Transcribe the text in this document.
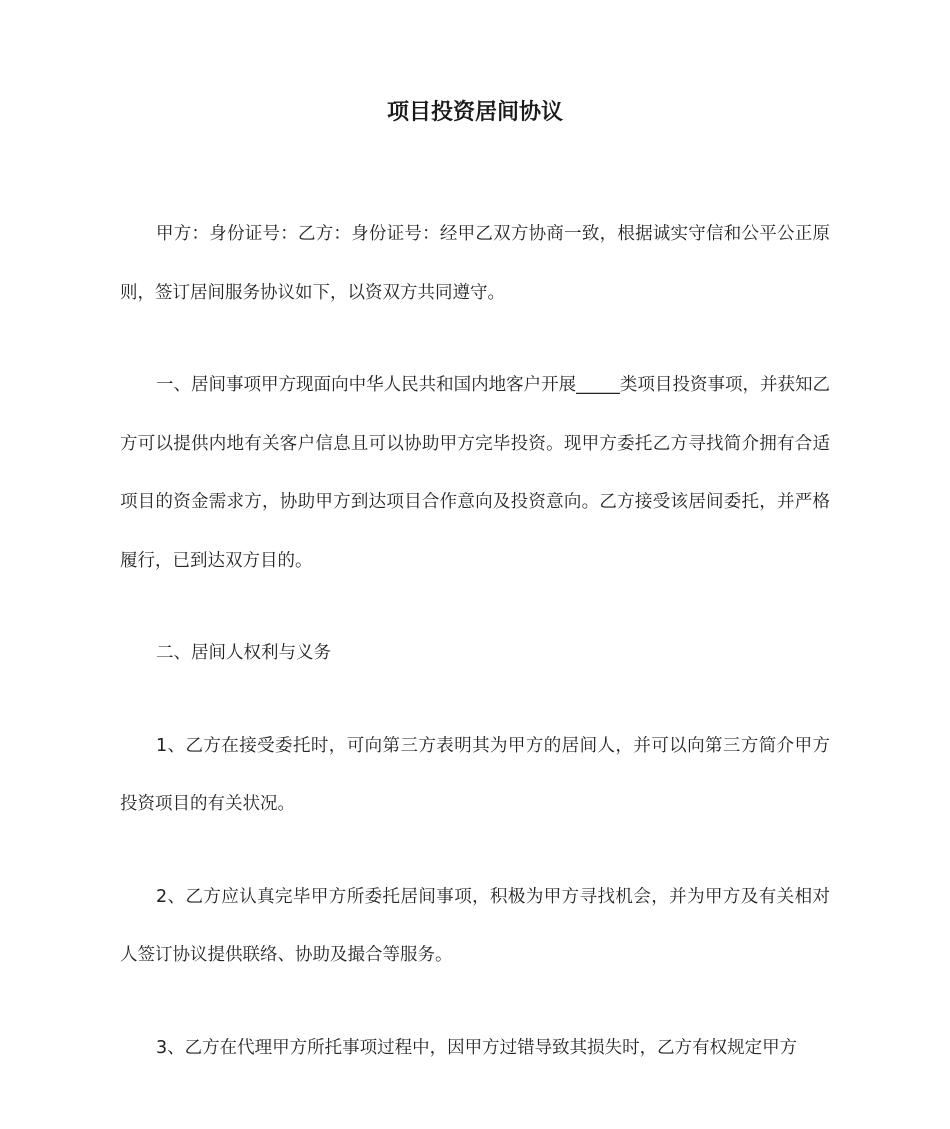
项目投资居间协议

甲方：身份证号：乙方：身份证号：经甲乙双方协商一致，根据诚实守信和公平公正原则，签订居间服务协议如下，以资双方共同遵守。

一、居间事项甲方现面向中华人民共和国内地客户开展_____类项目投资事项，并获知乙方可以提供内地有关客户信息且可以协助甲方完毕投资。现甲方委托乙方寻找简介拥有合适项目的资金需求方，协助甲方到达项目合作意向及投资意向。乙方接受该居间委托，并严格履行，已到达双方目的。

二、居间人权利与义务

1、乙方在接受委托时，可向第三方表明其为甲方的居间人，并可以向第三方简介甲方投资项目的有关状况。

2、乙方应认真完毕甲方所委托居间事项，积极为甲方寻找机会，并为甲方及有关相对人签订协议提供联络、协助及撮合等服务。

3、乙方在代理甲方所托事项过程中，因甲方过错导致其损失时，乙方有权规定甲方
